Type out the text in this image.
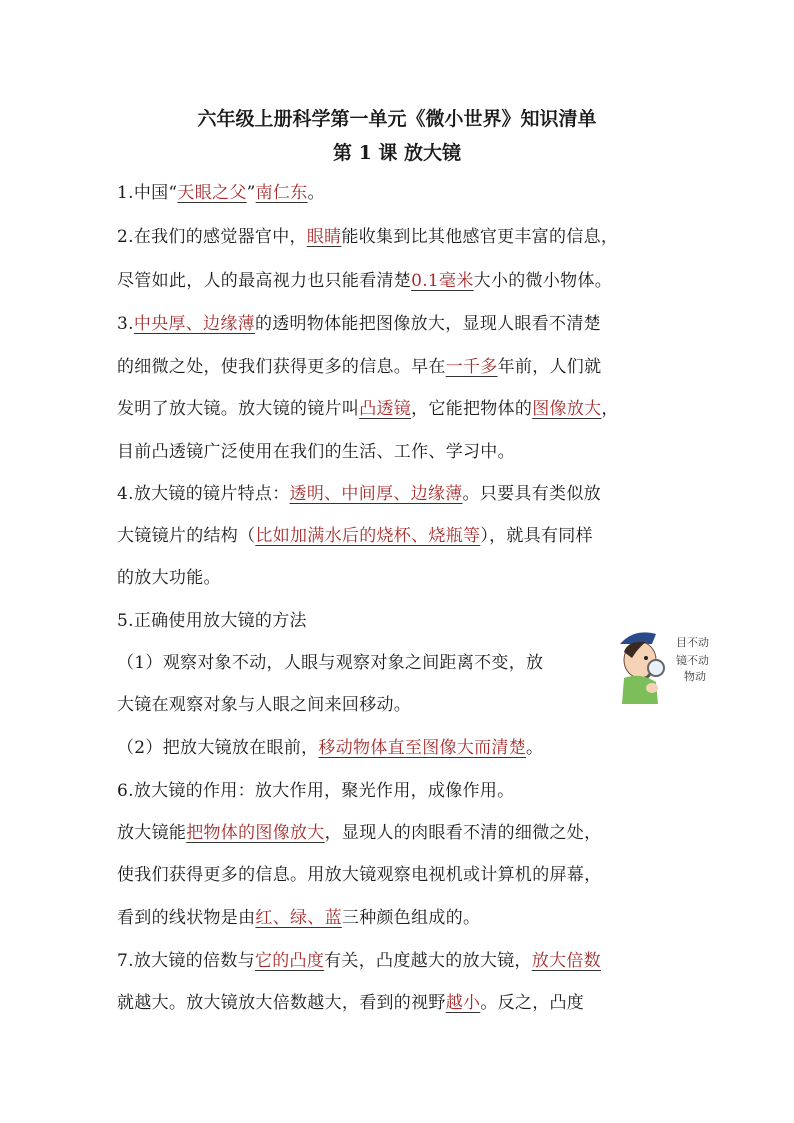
六年级上册科学第一单元《微小世界》知识清单
第 1 课 放大镜
1.中国“天眼之父”南仁东。
2.在我们的感觉器官中，眼睛能收集到比其他感官更丰富的信息，
尽管如此，人的最高视力也只能看清楚0.1毫米大小的微小物体。
3.中央厚、边缘薄的透明物体能把图像放大，显现人眼看不清楚
的细微之处，使我们获得更多的信息。早在一千多年前，人们就
发明了放大镜。放大镜的镜片叫凸透镜，它能把物体的图像放大，
目前凸透镜广泛使用在我们的生活、工作、学习中。
4.放大镜的镜片特点：透明、中间厚、边缘薄。只要具有类似放
大镜镜片的结构（比如加满水后的烧杯、烧瓶等），就具有同样
的放大功能。
5.正确使用放大镜的方法
（1）观察对象不动，人眼与观察对象之间距离不变，放
大镜在观察对象与人眼之间来回移动。
（2）把放大镜放在眼前，移动物体直至图像大而清楚。
6.放大镜的作用：放大作用，聚光作用，成像作用。
放大镜能把物体的图像放大，显现人的肉眼看不清的细微之处，
使我们获得更多的信息。用放大镜观察电视机或计算机的屏幕，
看到的线状物是由红、绿、蓝三种颜色组成的。
7.放大镜的倍数与它的凸度有关，凸度越大的放大镜，放大倍数
就越大。放大镜放大倍数越大，看到的视野越小。反之，凸度
目不动
镜不动
物动
